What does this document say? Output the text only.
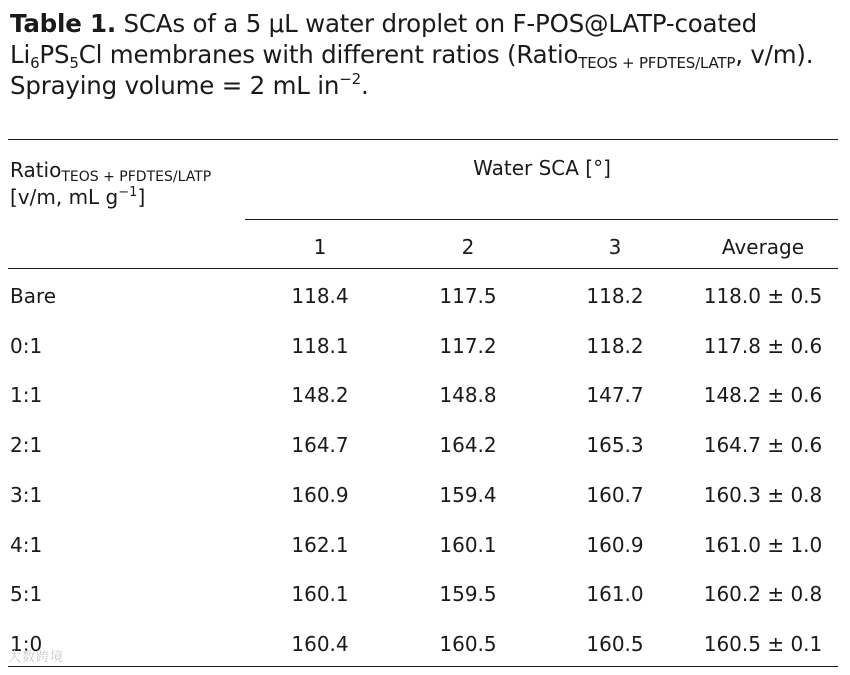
Table 1. SCAs of a 5 μL water droplet on F-POS@LATP-coated $Li_6PS_5Cl$ membranes with different ratios (Ratio$_{TEOS + PFDTES/LATP}$, v/m). Spraying volume = 2 mL $in^{-2}$.
Ratio$_{TEOS + PFDTES/LATP}$
[v/m, mL $g^{-1}$]
Water SCA [°]
1	2	3	Average
Bare	118.4	117.5	118.2	118.0 ± 0.5
0:1	118.1	117.2	118.2	117.8 ± 0.6
1:1	148.2	148.8	147.7	148.2 ± 0.6
2:1	164.7	164.2	165.3	164.7 ± 0.6
3:1	160.9	159.4	160.7	160.3 ± 0.8
4:1	162.1	160.1	160.9	161.0 ± 1.0
5:1	160.1	159.5	161.0	160.2 ± 0.8
1:0	160.4	160.5	160.5	160.5 ± 0.1
大数跨境
